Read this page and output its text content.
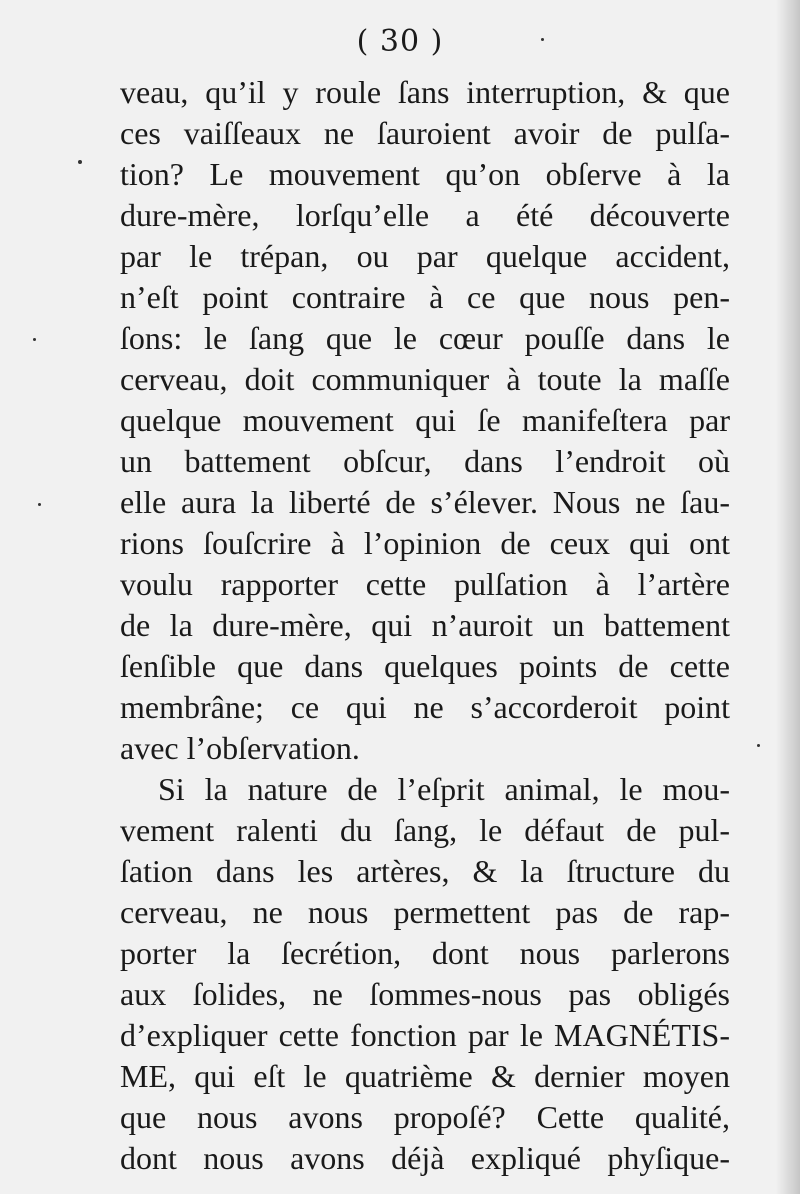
( 30 )
veau, qu’il y roule ſans interruption, & que
ces vaiſſeaux ne ſauroient avoir de pulſa-
tion? Le mouvement qu’on obſerve à la
dure-mère, lorſqu’elle a été découverte
par le trépan, ou par quelque accident,
n’eſt point contraire à ce que nous pen-
ſons: le ſang que le cœur pouſſe dans le
cerveau, doit communiquer à toute la maſſe
quelque mouvement qui ſe manifeſtera par
un battement obſcur, dans l’endroit où
elle aura la liberté de s’élever. Nous ne ſau-
rions ſouſcrire à l’opinion de ceux qui ont
voulu rapporter cette pulſation à l’artère
de la dure-mère, qui n’auroit un battement
ſenſible que dans quelques points de cette
membrâne; ce qui ne s’accorderoit point
avec l’obſervation.
Si la nature de l’eſprit animal, le mou-
vement ralenti du ſang, le défaut de pul-
ſation dans les artères, & la ſtructure du
cerveau, ne nous permettent pas de rap-
porter la ſecrétion, dont nous parlerons
aux ſolides, ne ſommes-nous pas obligés
d’expliquer cette fonction par le MAGNÉTIS-
ME, qui eſt le quatrième & dernier moyen
que nous avons propoſé? Cette qualité,
dont nous avons déjà expliqué phyſique-
